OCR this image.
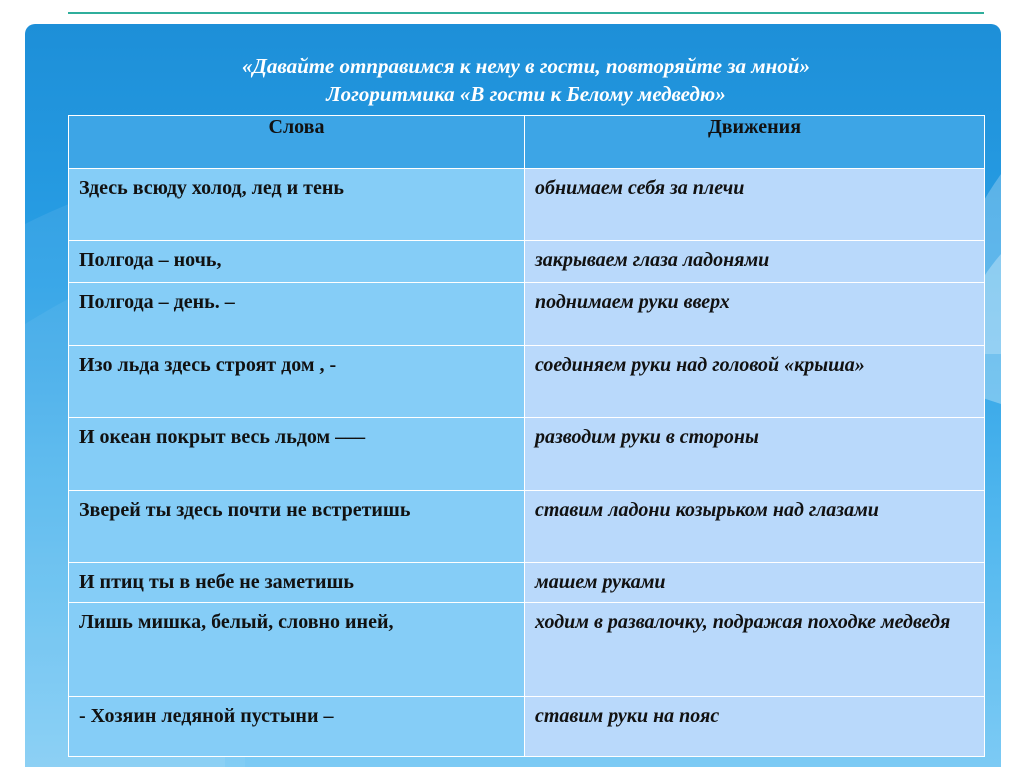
«Давайте отправимся к нему в гости, повторяйте за мной»
Логоритмика «В гости к Белому медведю»
Слова	Движения

Здесь всюду холод, лед и тень	обнимаем себя за плечи

Полгода – ночь,	закрываем глаза ладонями

Полгода – день. –	поднимаем руки вверх

Изо льда здесь строят дом , -	соединяем руки над головой «крыша»

И океан покрыт весь льдом –––	разводим руки в стороны

Зверей ты здесь почти не встретишь	ставим ладони козырьком над глазами

И птиц ты в небе не заметишь	машем руками

Лишь мишка, белый, словно иней,	ходим в развалочку, подражая походке медведя

- Хозяин ледяной пустыни –	ставим руки на пояс
